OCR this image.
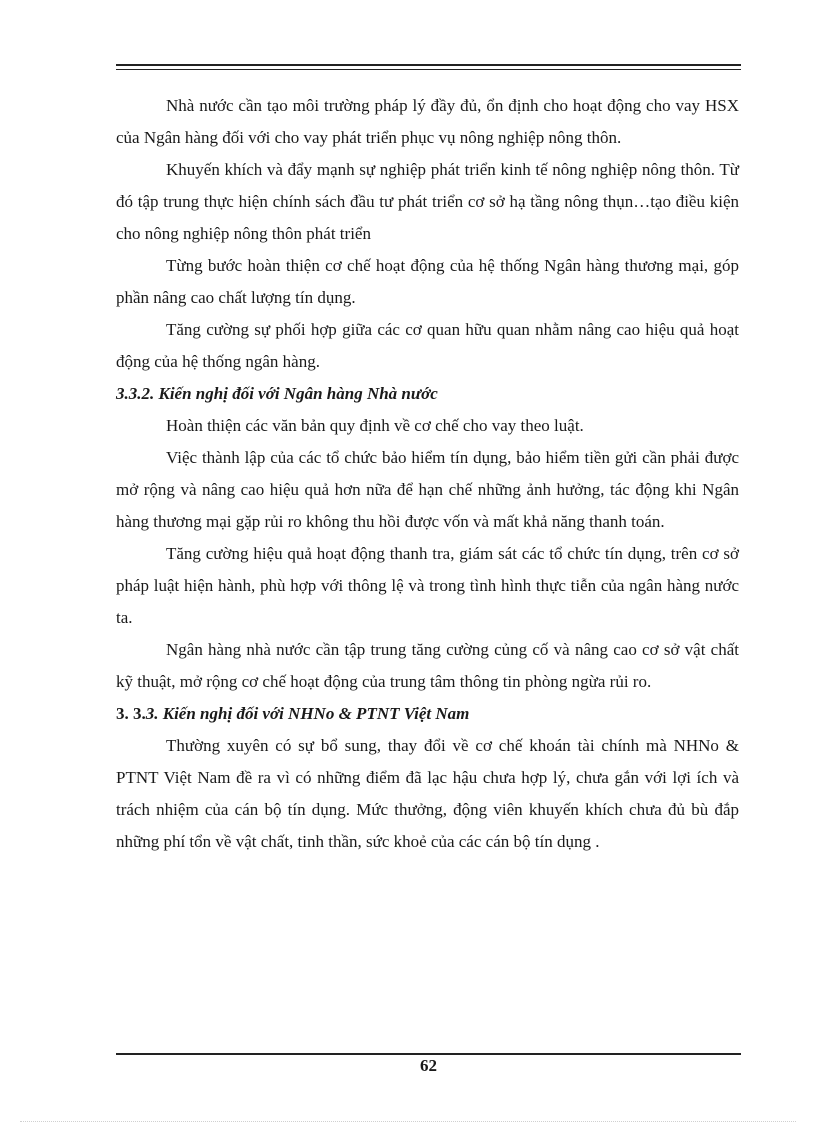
Nhà nước cần tạo môi trường pháp lý đầy đủ, ổn định cho hoạt động cho vay HSX của Ngân hàng đối với cho vay phát triển phục vụ nông nghiệp nông thôn.

Khuyến khích và đẩy mạnh sự nghiệp phát triển kinh tế nông nghiệp nông thôn. Từ đó tập trung thực hiện chính sách đầu tư phát triển cơ sở hạ tầng nông thụn…tạo điều kiện cho nông nghiệp nông thôn phát triển

Từng bước hoàn thiện cơ chế hoạt động của hệ thống Ngân hàng thương mại, góp phần nâng cao chất lượng tín dụng.

Tăng cường sự phối hợp giữa các cơ quan hữu quan nhằm nâng cao hiệu quả hoạt động của hệ thống ngân hàng.

3.3.2. Kiến nghị đối với Ngân hàng Nhà nước

Hoàn thiện các văn bản quy định về cơ chế cho vay theo luật.

Việc thành lập của các tổ chức bảo hiểm tín dụng, bảo hiểm tiền gửi cần phải được mở rộng và nâng cao hiệu quả hơn nữa để hạn chế những ảnh hưởng, tác động khi Ngân hàng thương mại gặp rủi ro không thu hồi được vốn và mất khả năng thanh toán.

Tăng cường hiệu quả hoạt động thanh tra, giám sát các tổ chức tín dụng, trên cơ sở pháp luật hiện hành, phù hợp với thông lệ và trong tình hình thực tiễn của ngân hàng nước ta.

Ngân hàng nhà nước cần tập trung tăng cường củng cố và nâng cao cơ sở vật chất kỹ thuật, mở rộng cơ chế hoạt động của trung tâm thông tin phòng ngừa rủi ro.

3. 3.3. Kiến nghị đối với NHNo & PTNT Việt Nam

Thường xuyên có sự bổ sung, thay đổi về cơ chế khoán tài chính mà NHNo & PTNT Việt Nam đề ra vì có những điểm đã lạc hậu chưa hợp lý, chưa gắn với lợi ích và trách nhiệm của cán bộ tín dụng. Mức thưởng, động viên khuyến khích chưa đủ bù đắp những phí tổn về vật chất, tinh thần, sức khoẻ của các cán bộ tín dụng .

62
